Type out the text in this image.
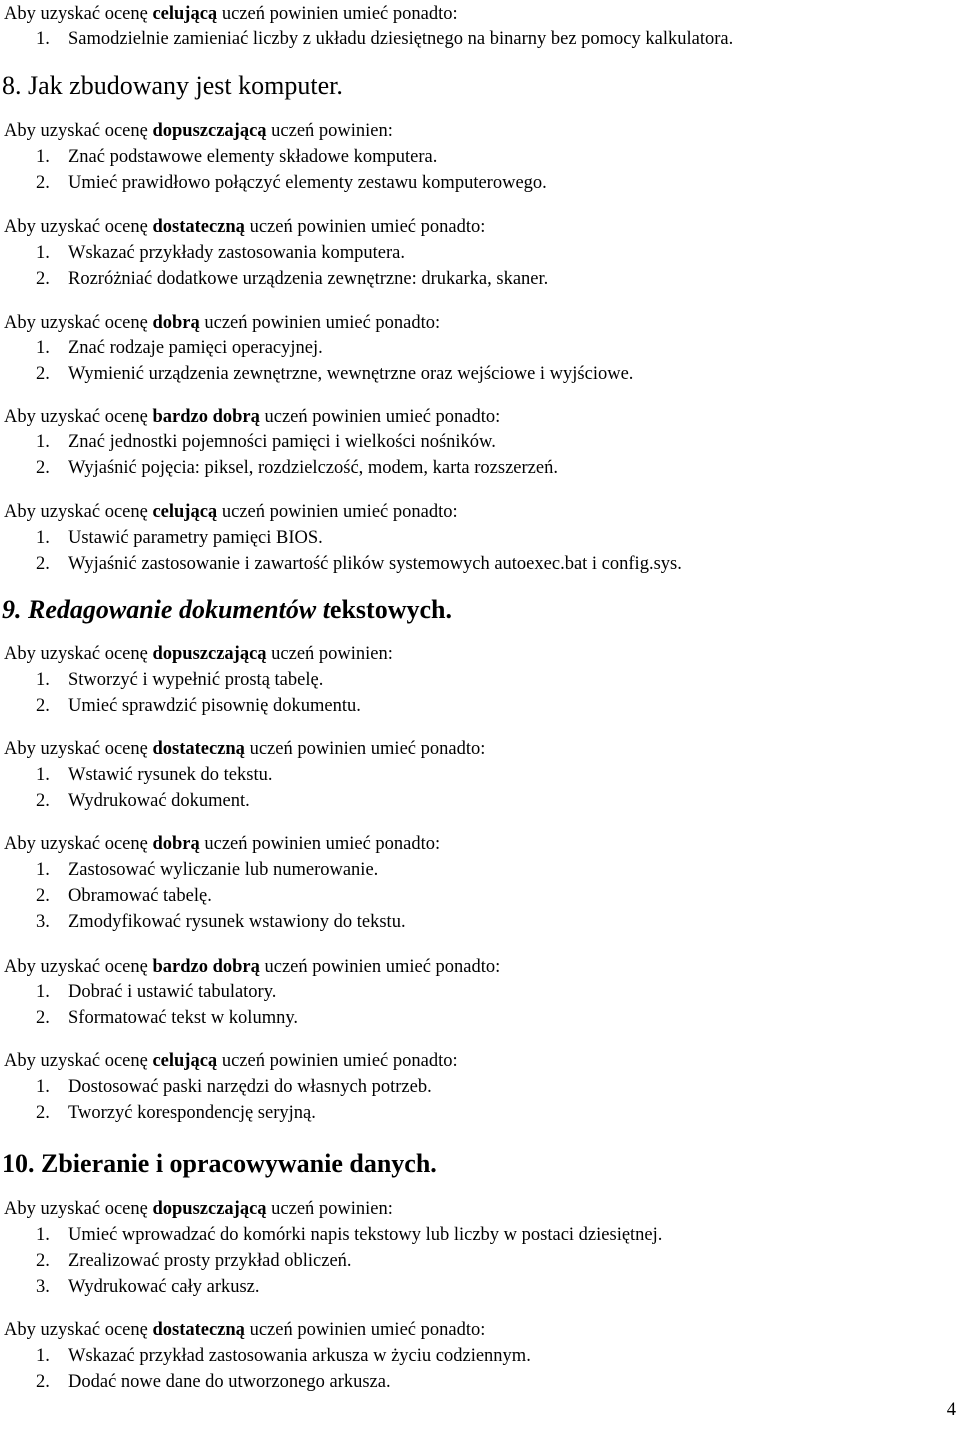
Aby uzyskać ocenę celującą uczeń powinien umieć ponadto:
1. Samodzielnie zamieniać liczby z układu dziesiętnego na binarny bez pomocy kalkulatora.
8. Jak zbudowany jest komputer.
Aby uzyskać ocenę dopuszczającą uczeń powinien:
1. Znać podstawowe elementy składowe komputera.
2. Umieć prawidłowo połączyć elementy zestawu komputerowego.
Aby uzyskać ocenę dostateczną uczeń powinien umieć ponadto:
1. Wskazać przykłady zastosowania komputera.
2. Rozróżniać dodatkowe urządzenia zewnętrzne: drukarka, skaner.
Aby uzyskać ocenę dobrą uczeń powinien umieć ponadto:
1. Znać rodzaje pamięci operacyjnej.
2. Wymienić urządzenia zewnętrzne, wewnętrzne oraz wejściowe i wyjściowe.
Aby uzyskać ocenę bardzo dobrą uczeń powinien umieć ponadto:
1. Znać jednostki pojemności pamięci i wielkości nośników.
2. Wyjaśnić pojęcia: piksel, rozdzielczość, modem, karta rozszerzeń.
Aby uzyskać ocenę celującą uczeń powinien umieć ponadto:
1. Ustawić parametry pamięci BIOS.
2. Wyjaśnić zastosowanie i zawartość plików systemowych autoexec.bat i config.sys.
9. Redagowanie dokumentów tekstowych.
Aby uzyskać ocenę dopuszczającą uczeń powinien:
1. Stworzyć i wypełnić prostą tabelę.
2. Umieć sprawdzić pisownię dokumentu.
Aby uzyskać ocenę dostateczną uczeń powinien umieć ponadto:
1. Wstawić rysunek do tekstu.
2. Wydrukować dokument.
Aby uzyskać ocenę dobrą uczeń powinien umieć ponadto:
1. Zastosować wyliczanie lub numerowanie.
2. Obramować tabelę.
3. Zmodyfikować rysunek wstawiony do tekstu.
Aby uzyskać ocenę bardzo dobrą uczeń powinien umieć ponadto:
1. Dobrać i ustawić tabulatory.
2. Sformatować tekst w kolumny.
Aby uzyskać ocenę celującą uczeń powinien umieć ponadto:
1. Dostosować paski narzędzi do własnych potrzeb.
2. Tworzyć korespondencję seryjną.
10. Zbieranie i opracowywanie danych.
Aby uzyskać ocenę dopuszczającą uczeń powinien:
1. Umieć wprowadzać do komórki napis tekstowy lub liczby w postaci dziesiętnej.
2. Zrealizować prosty przykład obliczeń.
3. Wydrukować cały arkusz.
Aby uzyskać ocenę dostateczną uczeń powinien umieć ponadto:
1. Wskazać przykład zastosowania arkusza w życiu codziennym.
2. Dodać nowe dane do utworzonego arkusza.
4
